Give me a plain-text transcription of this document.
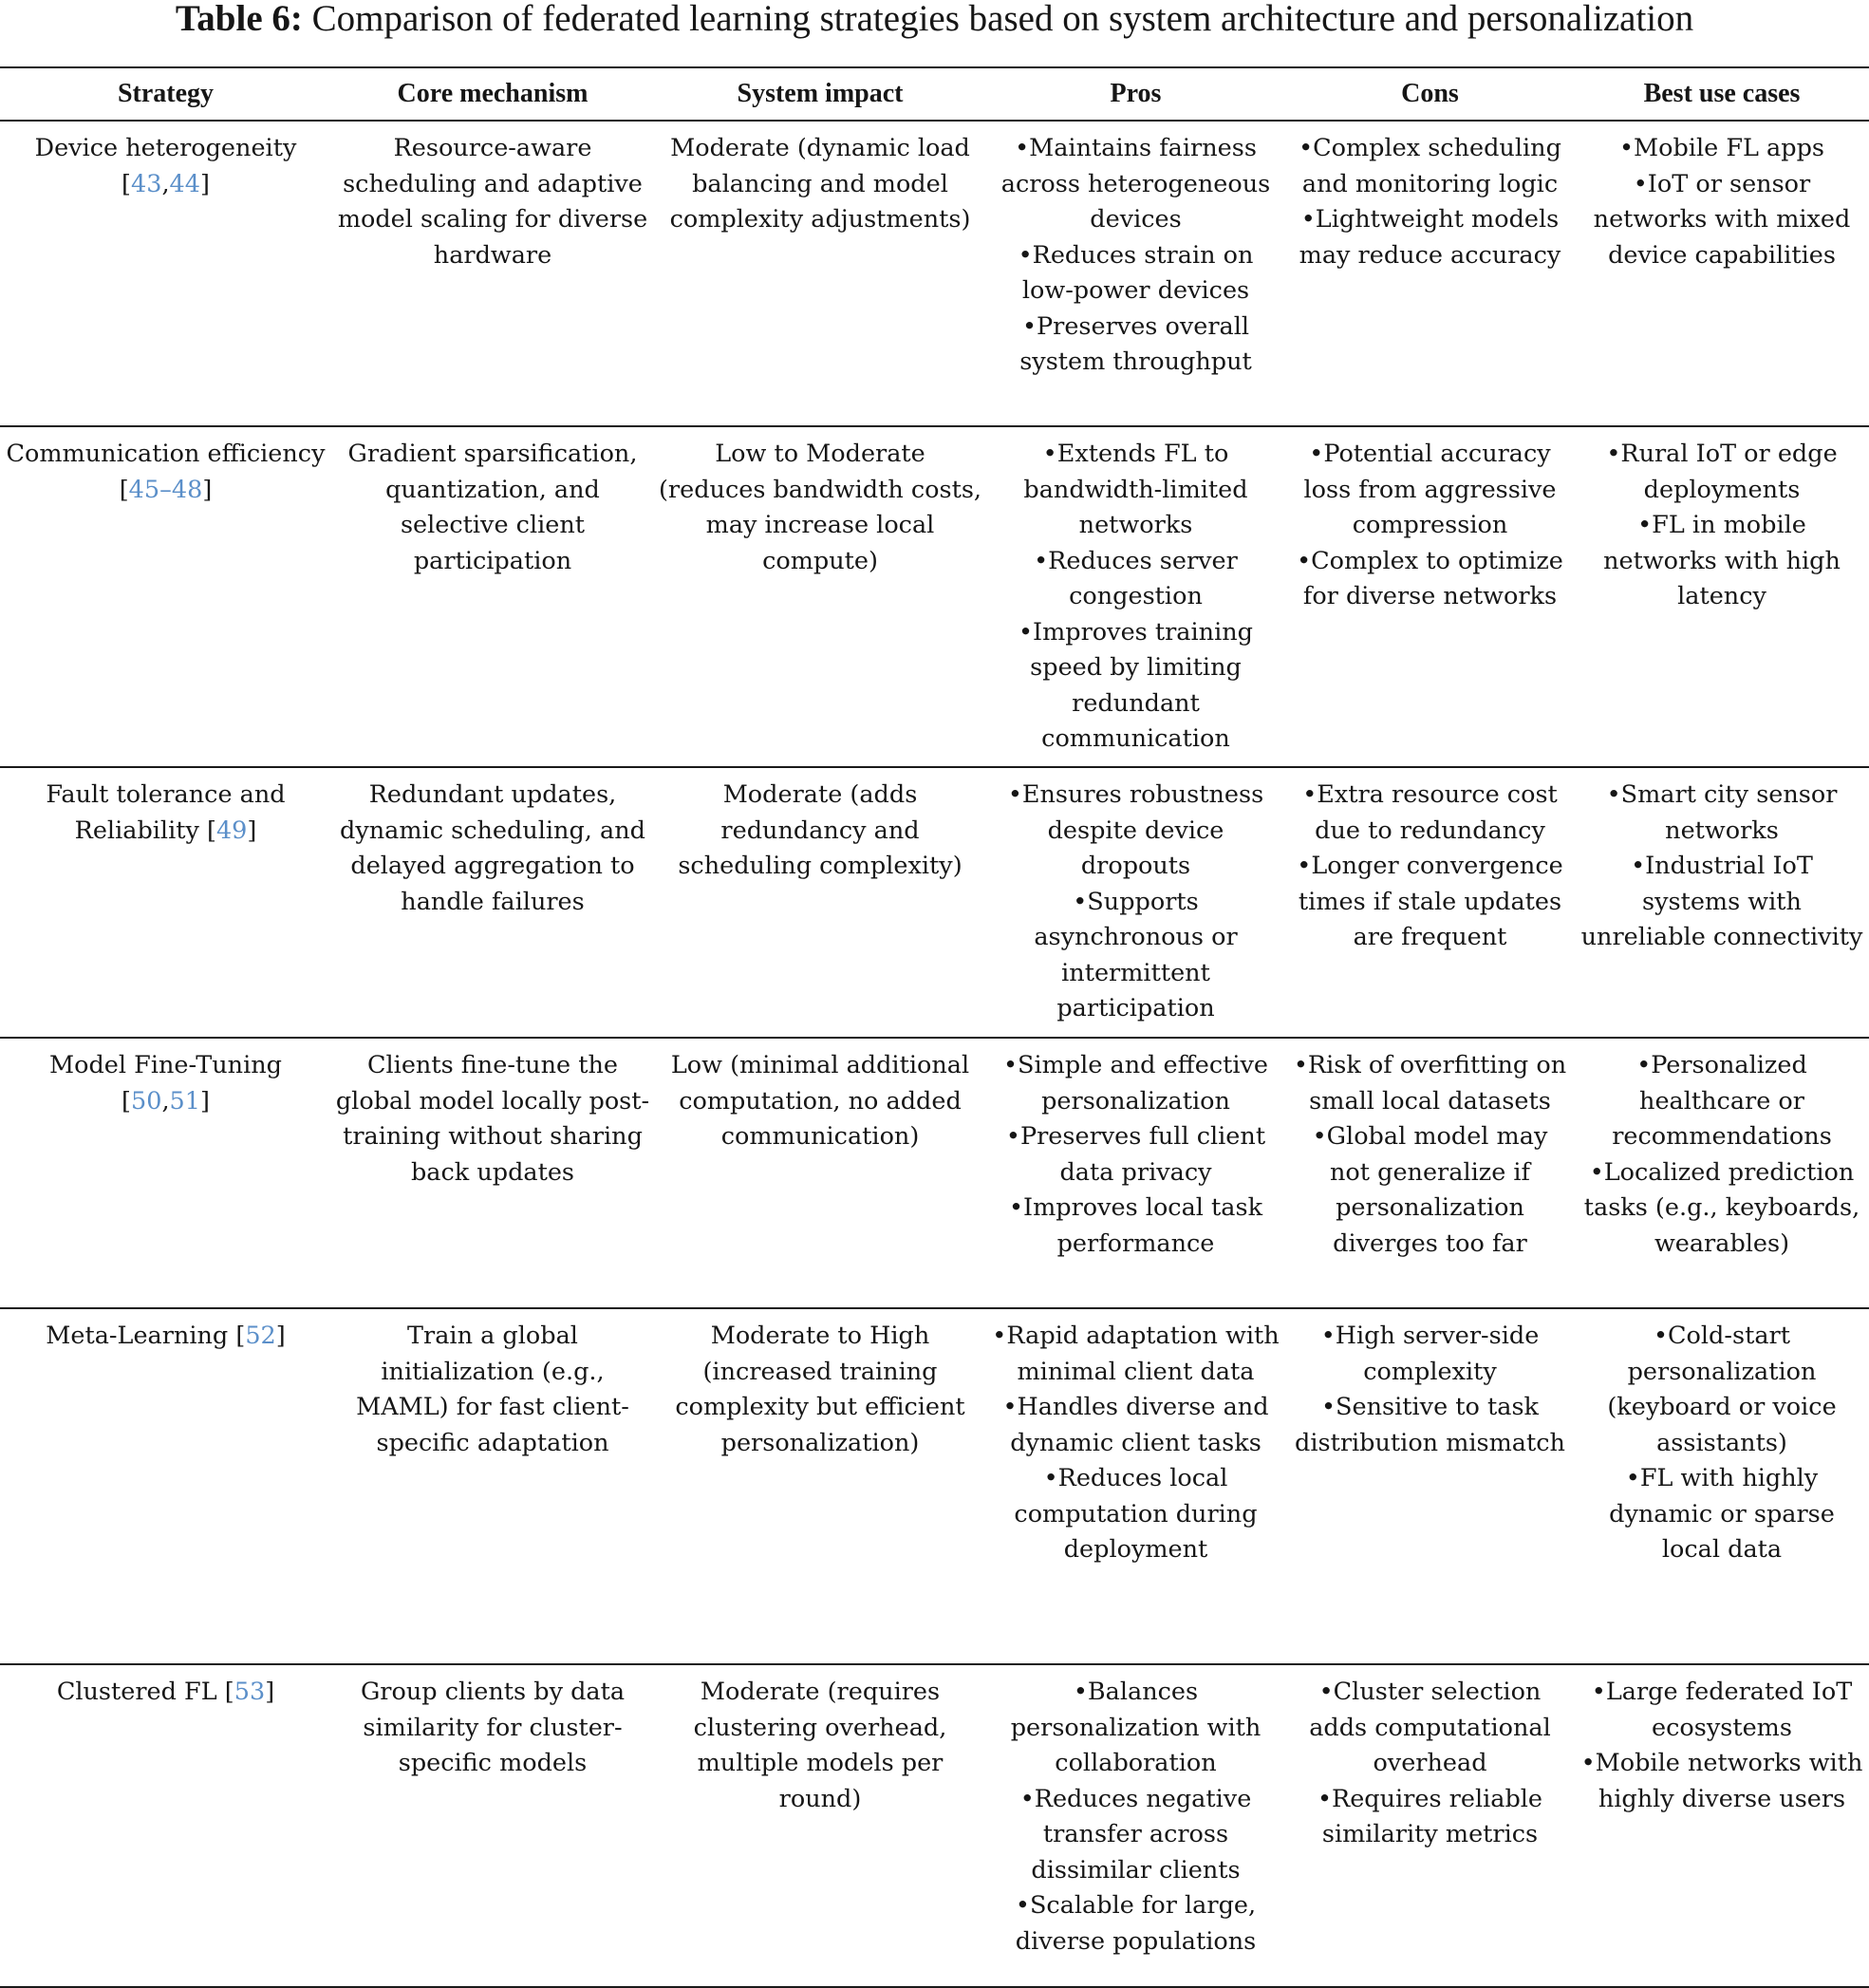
Table 6: Comparison of federated learning strategies based on system architecture and personalization
Strategy	Core mechanism	System impact	Pros	Cons	Best use cases
Device heterogeneity [43,44]	Resource-aware scheduling and adaptive model scaling for diverse hardware	Moderate (dynamic load balancing and model complexity adjustments)	•Maintains fairness across heterogeneous devices
•Reduces strain on low-power devices
•Preserves overall system throughput	•Complex scheduling and monitoring logic
•Lightweight models may reduce accuracy	•Mobile FL apps
•IoT or sensor networks with mixed device capabilities

Communication efficiency [45–48]	Gradient sparsification, quantization, and selective client participation	Low to Moderate (reduces bandwidth costs, may increase local compute)	•Extends FL to bandwidth-limited networks
•Reduces server congestion
•Improves training speed by limiting redundant communication	•Potential accuracy loss from aggressive compression
•Complex to optimize for diverse networks	•Rural IoT or edge deployments
•FL in mobile networks with high latency

Fault tolerance and Reliability [49]	Redundant updates, dynamic scheduling, and delayed aggregation to handle failures	Moderate (adds redundancy and scheduling complexity)	•Ensures robustness despite device dropouts
•Supports asynchronous or intermittent participation	•Extra resource cost due to redundancy
•Longer convergence times if stale updates are frequent	•Smart city sensor networks
•Industrial IoT systems with unreliable connectivity

Model Fine-Tuning [50,51]	Clients fine-tune the global model locally post-training without sharing back updates	Low (minimal additional computation, no added communication)	•Simple and effective personalization
•Preserves full client data privacy
•Improves local task performance	•Risk of overfitting on small local datasets
•Global model may not generalize if personalization diverges too far	•Personalized healthcare or recommendations
•Localized prediction tasks (e.g., keyboards, wearables)

Meta-Learning [52]	Train a global initialization (e.g., MAML) for fast client-specific adaptation	Moderate to High (increased training complexity but efficient personalization)	•Rapid adaptation with minimal client data
•Handles diverse and dynamic client tasks
•Reduces local computation during deployment	•High server-side complexity
•Sensitive to task distribution mismatch	•Cold-start personalization (keyboard or voice assistants)
•FL with highly dynamic or sparse local data

Clustered FL [53]	Group clients by data similarity for cluster-specific models	Moderate (requires clustering overhead, multiple models per round)	•Balances personalization with collaboration
•Reduces negative transfer across dissimilar clients
•Scalable for large, diverse populations	•Cluster selection adds computational overhead
•Requires reliable similarity metrics	•Large federated IoT ecosystems
•Mobile networks with highly diverse users
